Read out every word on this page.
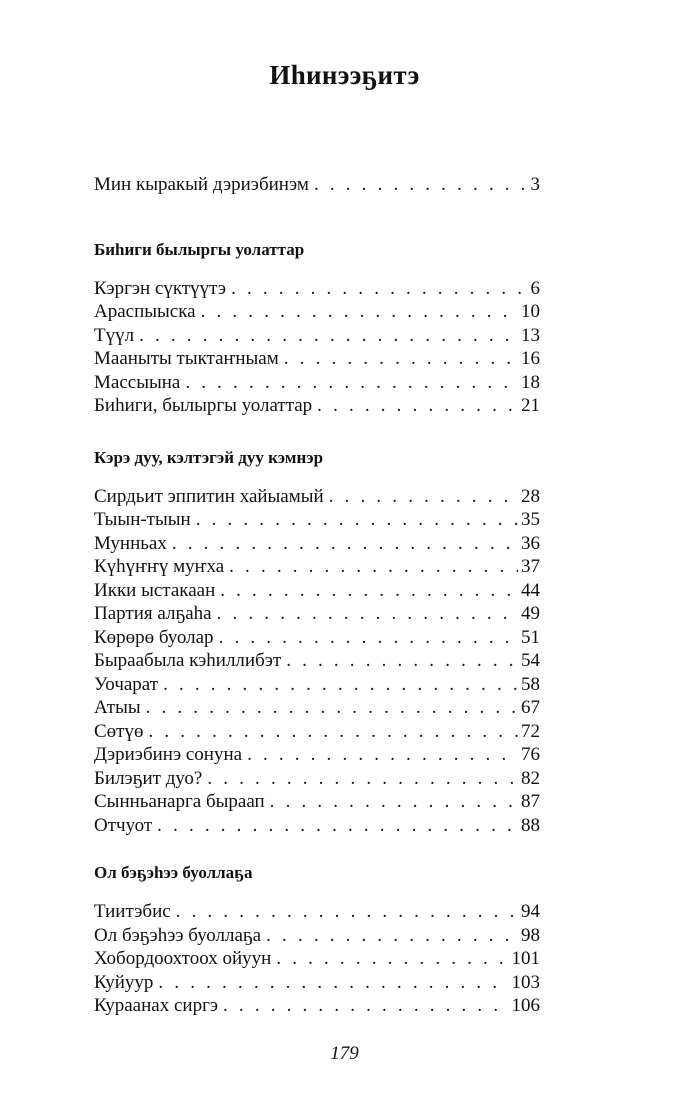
Иһинээҕитэ
Мин кыракый дэриэбинэм . . .	3
Биһиги былыргы уолаттар
Кэргэн сүктүүтэ . . .	6
Араспыыска . . .	10
Түүл . . .	13
Мааныты тыктаҥныам . . .	16
Массыына . . .	18
Биһиги, былыргы уолаттар . . .	21
Кэрэ дуу, кэлтэгэй дуу кэмнэр
Сирдьит эппитин хайыамый . . .	28
Тыын-тыын . . .	35
Мунньах . . .	36
Күһүҥҥү муҥха . . .	37
Икки ыстакаан . . .	44
Партия алҕаһа . . .	49
Көрөрө буолар . . .	51
Быраабыла кэһиллибэт . . .	54
Уочарат . . .	58
Атыы . . .	67
Сөтүө . . .	72
Дэриэбинэ сонуна . . .	76
Билэҕит дуо? . . .	82
Сынньанарга быраап . . .	87
Отчуот . . .	88
Ол бэҕэһээ буоллаҕа
Тиитэбис . . .	94
Ол бэҕэһээ буоллаҕа . . .	98
Хобордоохтоох ойуун . . .	101
Куйуур . . .	103
Кураанах сиргэ . . .	106
179
